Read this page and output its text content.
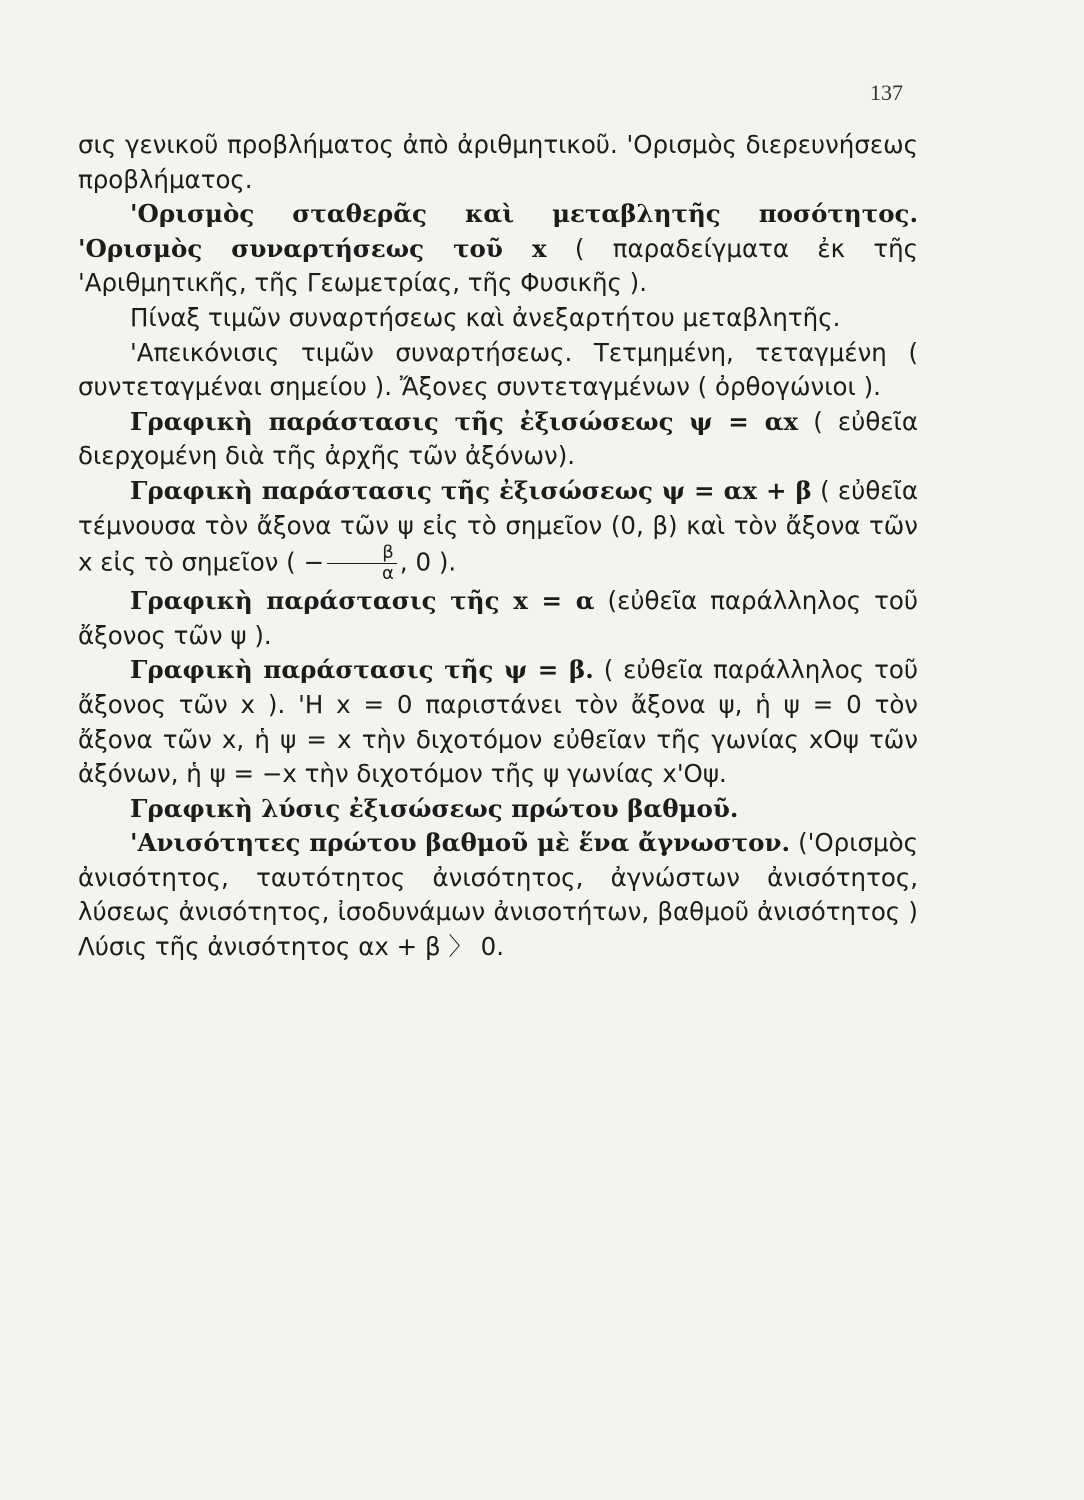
137

σις γενικοῦ προβλήματος ἀπὸ ἀριθμητικοῦ. 'Ορισμὸς διερευνήσεως προβλήματος.

'Ορισμὸς σταθερᾶς καὶ μεταβλητῆς ποσότητος. 'Ορισμὸς συναρτήσεως τοῦ x ( παραδείγματα ἐκ τῆς 'Αριθμητικῆς, τῆς Γεωμετρίας, τῆς Φυσικῆς ).

Πίναξ τιμῶν συναρτήσεως καὶ ἀνεξαρτήτου μεταβλητῆς.

'Απεικόνισις τιμῶν συναρτήσεως. Τετμημένη, τεταγμένη ( συντεταγμέναι σημείου ). Ἄξονες συντεταγμένων ( ὀρθογώνιοι ).

Γραφικὴ παράστασις τῆς ἐξισώσεως ψ = αx ( εὐθεῖα διερχομένη διὰ τῆς ἀρχῆς τῶν ἀξόνων).

Γραφικὴ παράστασις τῆς ἐξισώσεως ψ = αx + β ( εὐθεῖα τέμνουσα τὸν ἄξονα τῶν ψ εἰς τὸ σημεῖον (0, β) καὶ τὸν ἄξονα τῶν x εἰς τὸ σημεῖον ( − $\frac{\beta}{\alpha}$ , 0 ).

Γραφικὴ παράστασις τῆς x = α (εὐθεῖα παράλληλος τοῦ ἄξονος τῶν ψ ).

Γραφικὴ παράστασις τῆς ψ = β. ( εὐθεῖα παράλληλος τοῦ ἄξονος τῶν x ). 'Η x = 0 παριστάνει τὸν ἄξονα ψ, ἡ ψ = 0 τὸν ἄξονα τῶν x, ἡ ψ = x τὴν διχοτόμον εὐθεῖαν τῆς γωνίας xOψ τῶν ἀξόνων, ἡ ψ = −x τὴν διχοτόμον τῆς ψ γωνίας x'Oψ.

Γραφικὴ λύσις ἐξισώσεως πρώτου βαθμοῦ.

'Ανισότητες πρώτου βαθμοῦ μὲ ἕνα ἄγνωστον. ('Ορισμὸς ἀνισότητος, ταυτότητος ἀνισότητος, ἀγνώστων ἀνισότητος, λύσεως ἀνισότητος, ἰσοδυνάμων ἀνισοτήτων, βαθμοῦ ἀνισότητος ) Λύσις τῆς ἀνισότητος αx + β 〉 0.
